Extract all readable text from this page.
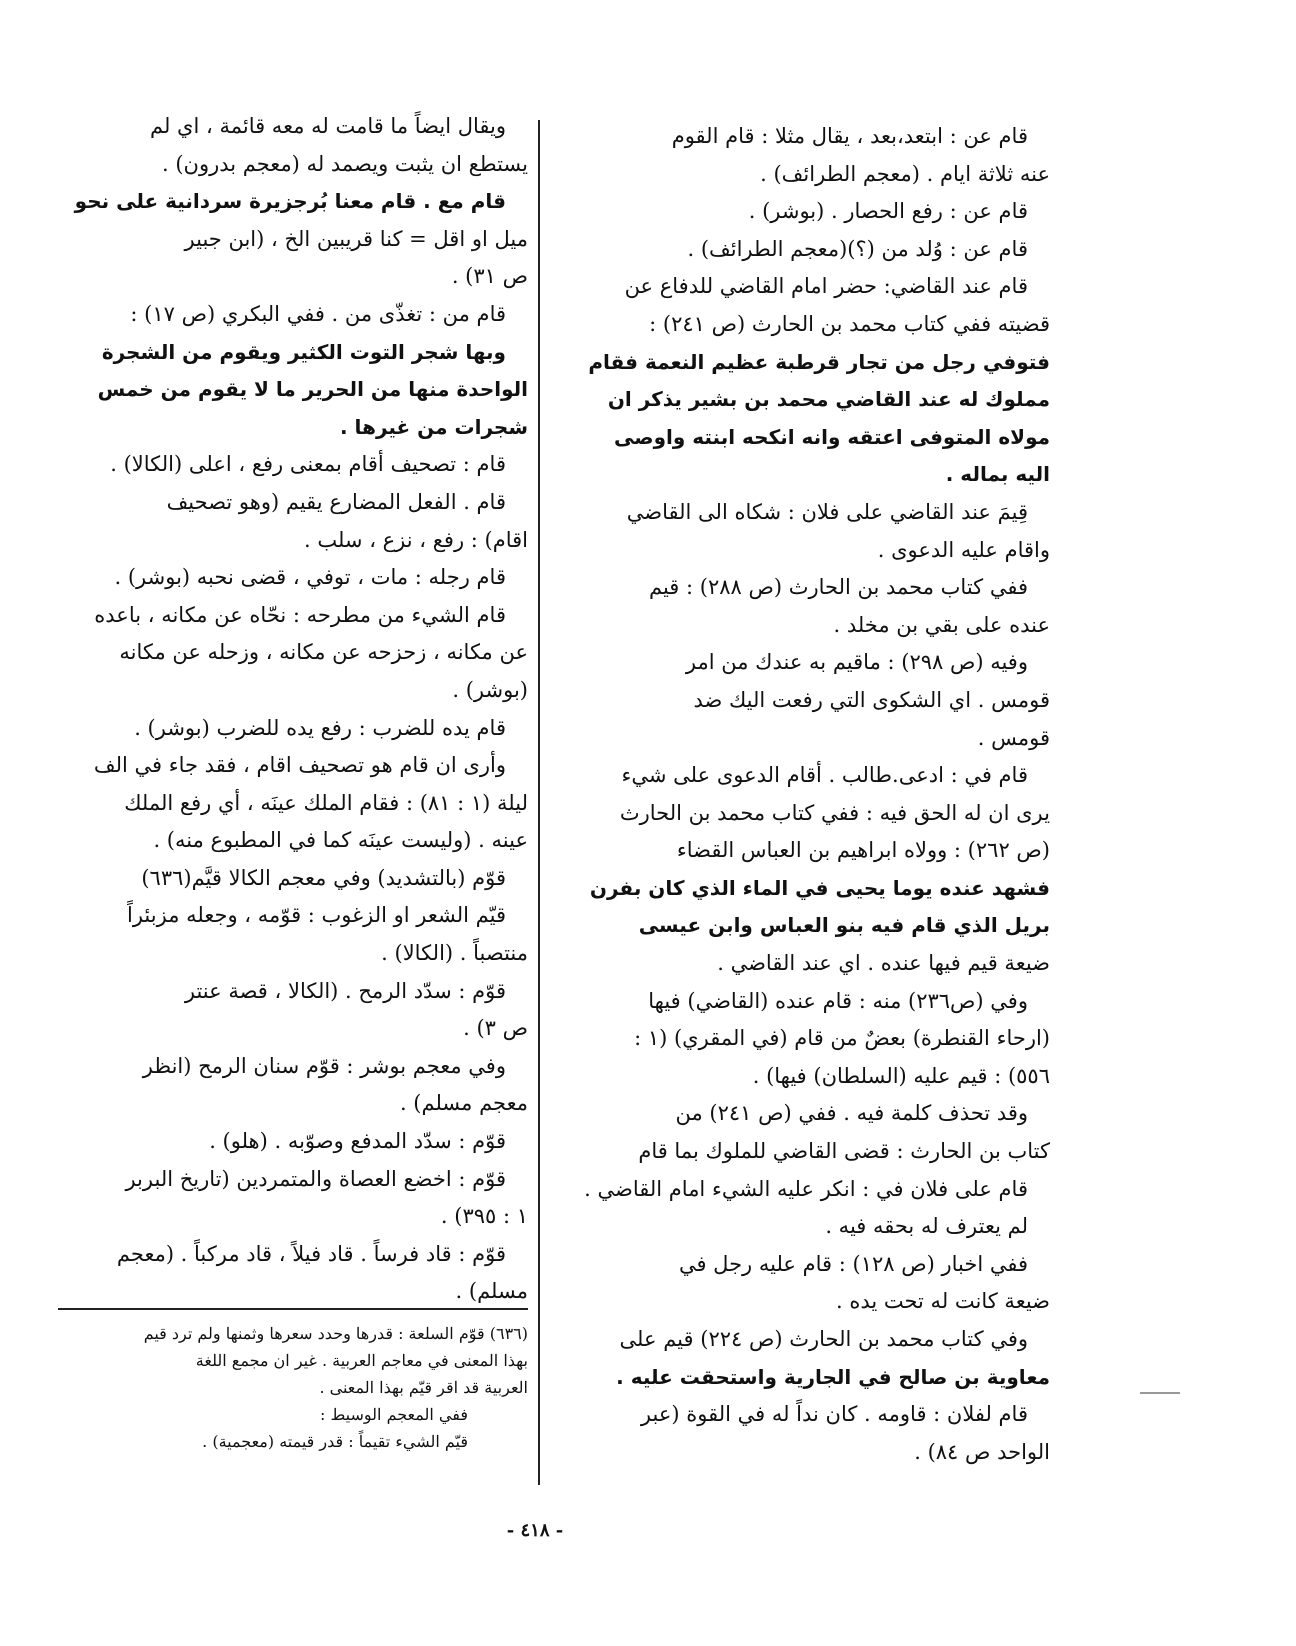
قام عن : ابتعد،بعد ، يقال مثلا : قام القوم
عنه ثلاثة ايام . (معجم الطرائف) .
قام عن : رفع الحصار . (بوشر) .
قام عن : وُلد من (؟)(معجم الطرائف) .
قام عند القاضي: حضر امام القاضي للدفاع عن
قضيته ففي كتاب محمد بن الحارث (ص ٢٤١) :
فتوفي رجل من تجار قرطبة عظيم النعمة فقام
مملوك له عند القاضي محمد بن بشير يذكر ان
مولاه المتوفى اعتقه وانه انكحه ابنته واوصى
اليه بماله .
قِيمَ عند القاضي على فلان : شكاه الى القاضي
واقام عليه الدعوى .
ففي كتاب محمد بن الحارث (ص ٢٨٨) : قيم
عنده على بقي بن مخلد .
وفيه (ص ٢٩٨) : ماقيم به عندك من امر
قومس . اي الشكوى التي رفعت اليك ضد
قومس .
قام في : ادعى.طالب . أقام الدعوى على شيء
يرى ان له الحق فيه : ففي كتاب محمد بن الحارث
(ص ٢٦٢) : وولاه ابراهيم بن العباس القضاء
فشهد عنده يوما يحيى في الماء الذي كان بفرن
بريل الذي قام فيه بنو العباس وابن عيسى
ضيعة قيم فيها عنده . اي عند القاضي .
وفي (ص٢٣٦) منه : قام عنده (القاضي) فيها
(ارحاء القنطرة) بعضٌ من قام (في المقري) (١ :
٥٥٦) : قيم عليه (السلطان) فيها) .
وقد تحذف كلمة فيه . ففي (ص ٢٤١) من
كتاب بن الحارث : قضى القاضي للملوك بما قام
قام على فلان في : انكر عليه الشيء امام القاضي .
لم يعترف له بحقه فيه .
ففي اخبار (ص ١٢٨) : قام عليه رجل في
ضيعة كانت له تحت يده .
وفي كتاب محمد بن الحارث (ص ٢٢٤) قيم على
معاوية بن صالح في الجارية واستحقت عليه .
قام لفلان : قاومه . كان نداً له في القوة (عبر
الواحد ص ٨٤) .
ويقال ايضاً ما قامت له معه قائمة ، اي لم
يستطع ان يثبت ويصمد له (معجم بدرون) .
قام مع . قام معنا بُرجزيرة سردانية على نحو
ميل او اقل = كنا قريبين الخ ، (ابن جبير
ص ٣١) .
قام من : تغذّى من . ففي البكري (ص ١٧) :
وبها شجر التوت الكثير ويقوم من الشجرة
الواحدة منها من الحرير ما لا يقوم من خمس
شجرات من غيرها .
قام : تصحيف أقام بمعنى رفع ، اعلى (الكالا) .
قام . الفعل المضارع يقيم (وهو تصحيف
اقام) : رفع ، نزع ، سلب .
قام رجله : مات ، توفي ، قضى نحبه (بوشر) .
قام الشيء من مطرحه : نحّاه عن مكانه ، باعده
عن مكانه ، زحزحه عن مكانه ، وزحله عن مكانه
(بوشر) .
قام يده للضرب : رفع يده للضرب (بوشر) .
وأرى ان قام هو تصحيف اقام ، فقد جاء في الف
ليلة (١ : ٨١) : فقام الملك عينَه ، أي رفع الملك
عينه . (وليست عينَه كما في المطبوع منه) .
قوّم (بالتشديد) وفي معجم الكالا قيَّم(٦٣٦)
قيّم الشعر او الزغوب : قوّمه ، وجعله مزبئراً
منتصباً . (الكالا) .
قوّم : سدّد الرمح . (الكالا ، قصة عنتر
ص ٣) .
وفي معجم بوشر : قوّم سنان الرمح (انظر
معجم مسلم) .
قوّم : سدّد المدفع وصوّبه . (هلو) .
قوّم : اخضع العصاة والمتمردين (تاريخ البربر
١ : ٣٩٥) .
قوّم : قاد فرساً . قاد فيلاً ، قاد مركباً . (معجم
مسلم) .
(٦٣٦) قوّم السلعة : قدرها وحدد سعرها وثمنها ولم ترد قيم
بهذا المعنى في معاجم العربية . غير ان مجمع اللغة
العربية قد اقر قيّم بهذا المعنى .
ففي المعجم الوسيط :
قيّم الشيء تقيماً : قدر قيمته (معجمية) .
- ٤١٨ -
